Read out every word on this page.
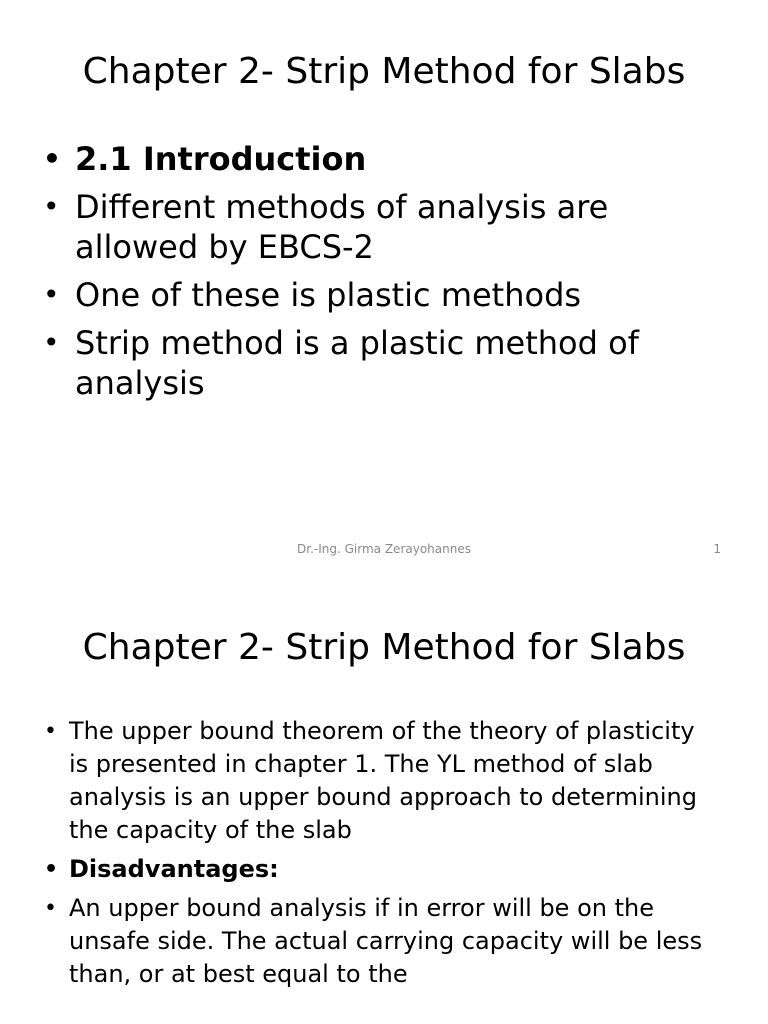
Chapter 2- Strip Method for Slabs
• 2.1 Introduction
• Different methods of analysis are allowed by EBCS-2
• One of these is plastic methods
• Strip method is a plastic method of analysis
Dr.-Ing. Girma Zerayohannes	1
Chapter 2- Strip Method for Slabs
• The upper bound theorem of the theory of plasticity is presented in chapter 1. The YL method of slab analysis is an upper bound approach to determining the capacity of the slab
• Disadvantages:
• An upper bound analysis if in error will be on the unsafe side. The actual carrying capacity will be less than, or at best equal to the
